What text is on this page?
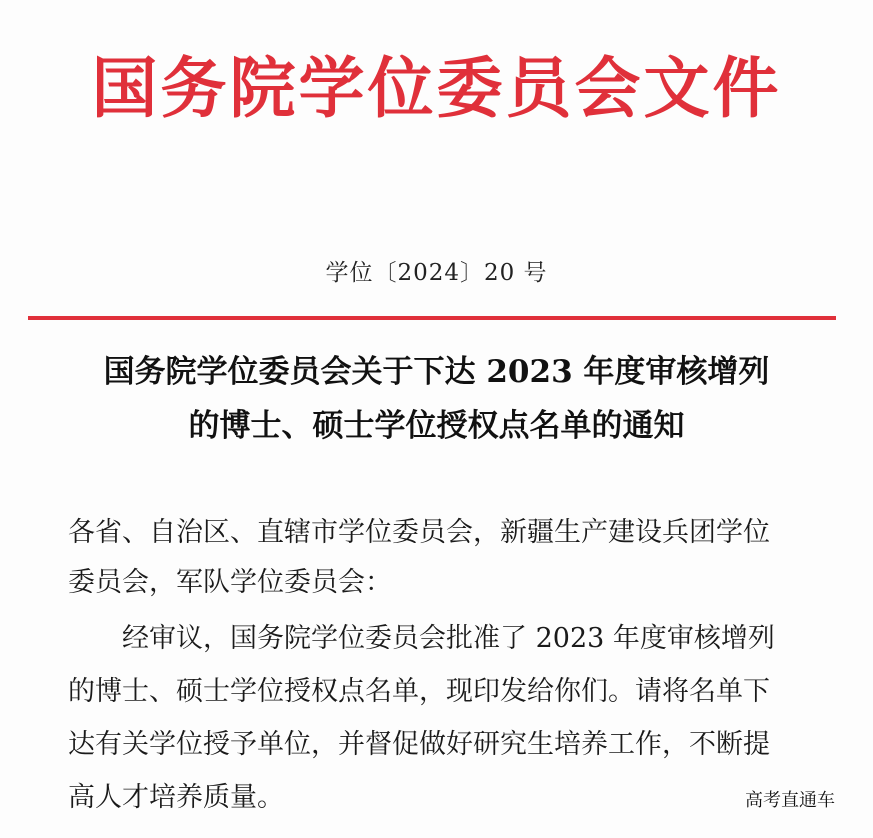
国务院学位委员会文件
学位〔2024〕20 号
国务院学位委员会关于下达 2023 年度审核增列
的博士、硕士学位授权点名单的通知
各省、自治区、直辖市学位委员会，新疆生产建设兵团学位
委员会，军队学位委员会：
经审议，国务院学位委员会批准了 2023 年度审核增列
的博士、硕士学位授权点名单，现印发给你们。请将名单下
达有关学位授予单位，并督促做好研究生培养工作，不断提
高人才培养质量。	高考直通车
